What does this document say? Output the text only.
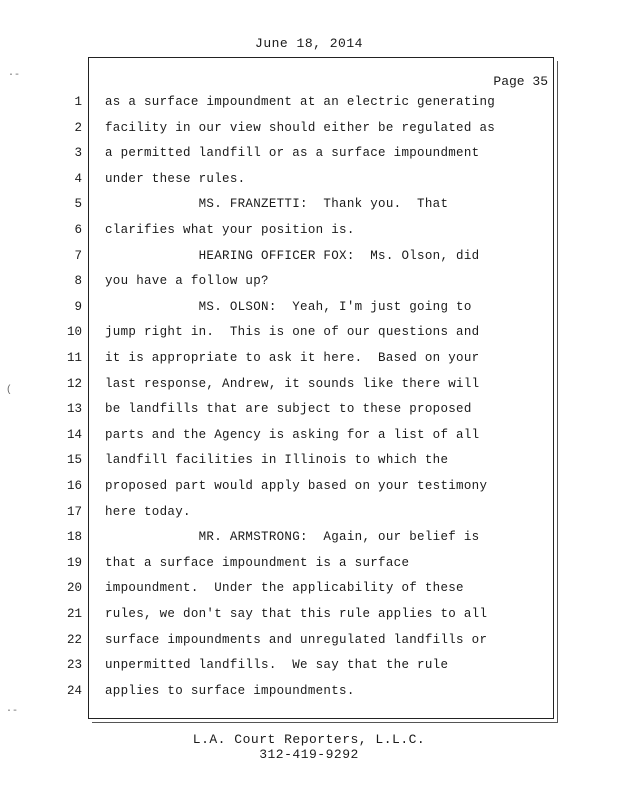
June 18, 2014
Page 35
1 as a surface impoundment at an electric generating
2 facility in our view should either be regulated as
3 a permitted landfill or as a surface impoundment
4 under these rules.
5 MS. FRANZETTI:  Thank you.  That
6 clarifies what your position is.
7 HEARING OFFICER FOX:  Ms. Olson, did
8 you have a follow up?
9 MS. OLSON:  Yeah, I'm just going to
10 jump right in.  This is one of our questions and
11 it is appropriate to ask it here.  Based on your
12 last response, Andrew, it sounds like there will
13 be landfills that are subject to these proposed
14 parts and the Agency is asking for a list of all
15 landfill facilities in Illinois to which the
16 proposed part would apply based on your testimony
17 here today.
18 MR. ARMSTRONG:  Again, our belief is
19 that a surface impoundment is a surface
20 impoundment.  Under the applicability of these
21 rules, we don't say that this rule applies to all
22 surface impoundments and unregulated landfills or
23 unpermitted landfills.  We say that the rule
24 applies to surface impoundments.
L.A. Court Reporters, L.L.C.
312-419-9292
·-
(
·-
